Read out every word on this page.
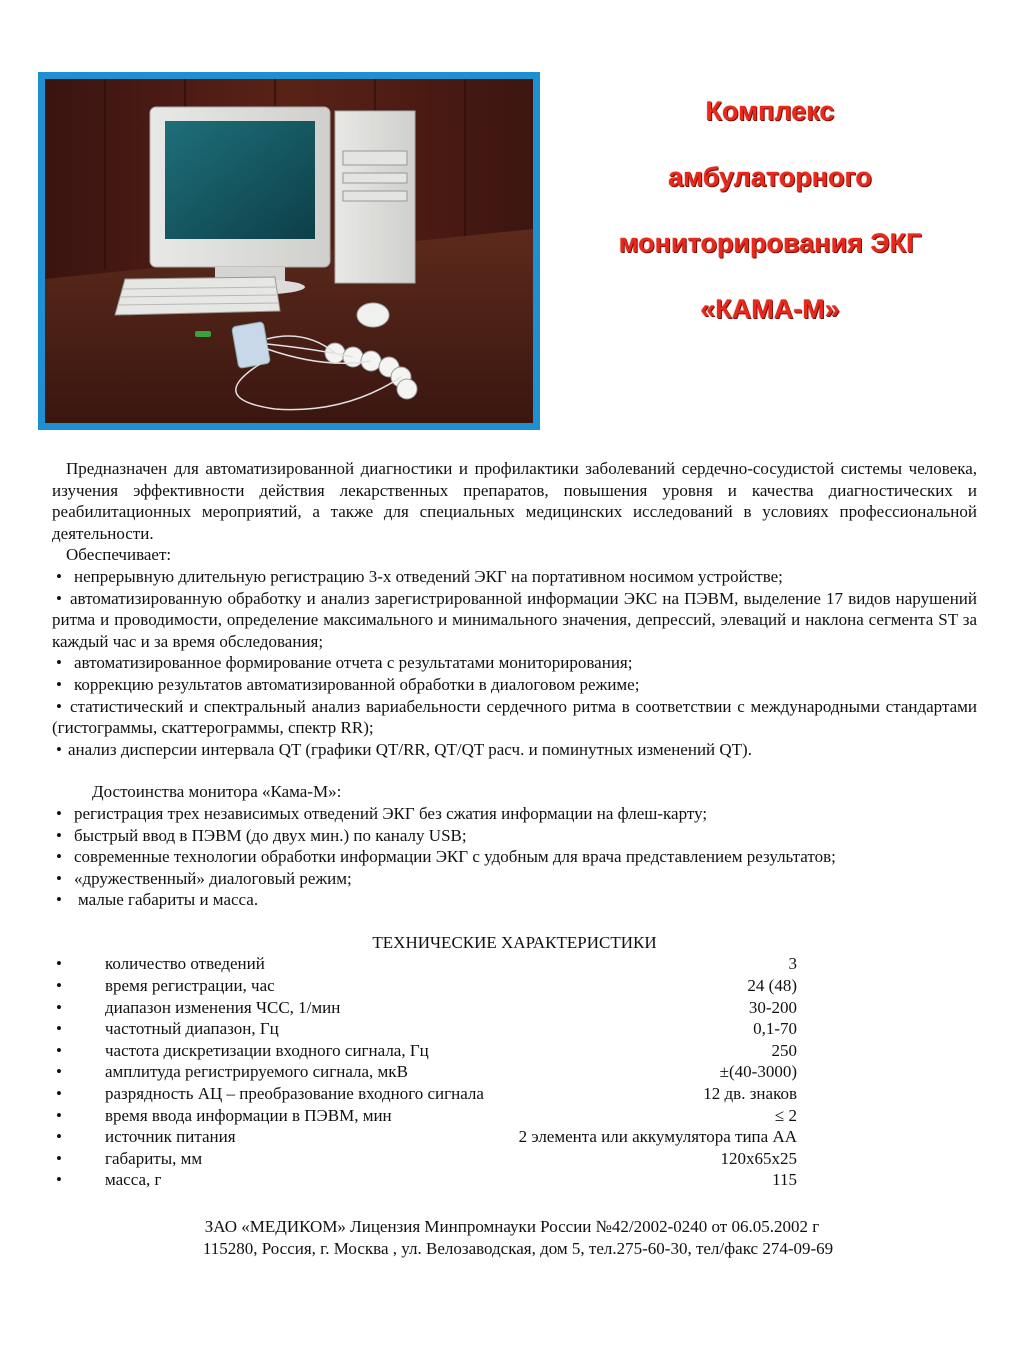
Комплекс
амбулаторного
мониторирования ЭКГ
«КАМА-М»

Предназначен для автоматизированной диагностики и профилактики заболеваний сердечно-сосудистой системы человека, изучения эффективности действия лекарственных препаратов, повышения уровня и качества диагностических и реабилитационных мероприятий, а также для специальных медицинских исследований в условиях профессиональной деятельности.

Обеспечивает:

• непрерывную длительную регистрацию 3-х отведений ЭКГ на портативном носимом устройстве;
• автоматизированную обработку и анализ зарегистрированной информации ЭКС на ПЭВМ, выделение 17 видов нарушений ритма и проводимости, определение максимального и минимального значения, депрессий, элеваций и наклона сегмента ST за каждый час и за время обследования;
• автоматизированное формирование отчета с результатами мониторирования;
• коррекцию результатов автоматизированной обработки в диалоговом режиме;
• статистический и спектральный анализ вариабельности сердечного ритма в соответствии с международными стандартами (гистограммы, скаттерограммы, спектр RR);
• анализ дисперсии интервала QT (графики QT/RR, QT/QT расч. и поминутных изменений QT).

Достоинства монитора «Кама-М»:

• регистрация трех независимых отведений ЭКГ без сжатия информации на флеш-карту;
• быстрый ввод в ПЭВМ (до двух мин.) по каналу USB;
• современные технологии обработки информации ЭКГ с удобным для врача представлением результатов;
• «дружественный» диалоговый режим;
• малые габариты и масса.

ТЕХНИЧЕСКИЕ ХАРАКТЕРИСТИКИ

•	количество отведений	3
•	время регистрации, час	24 (48)
•	диапазон изменения ЧСС, 1/мин	30-200
•	частотный диапазон, Гц	0,1-70
•	частота дискретизации входного сигнала, Гц	250
•	амплитуда регистрируемого сигнала, мкВ	±(40-3000)
•	разрядность АЦ – преобразование входного сигнала	12 дв. знаков
•	время ввода информации в ПЭВМ, мин	≤ 2
•	источник питания	2 элемента или аккумулятора типа АА
•	габариты, мм	120x65x25
•	масса, г	115
ЗАО «МЕДИКОМ» Лицензия Минпромнауки России №42/2002-0240 от 06.05.2002 г
115280, Россия, г. Москва , ул. Велозаводская, дом 5, тел.275-60-30, тел/факс 274-09-69
